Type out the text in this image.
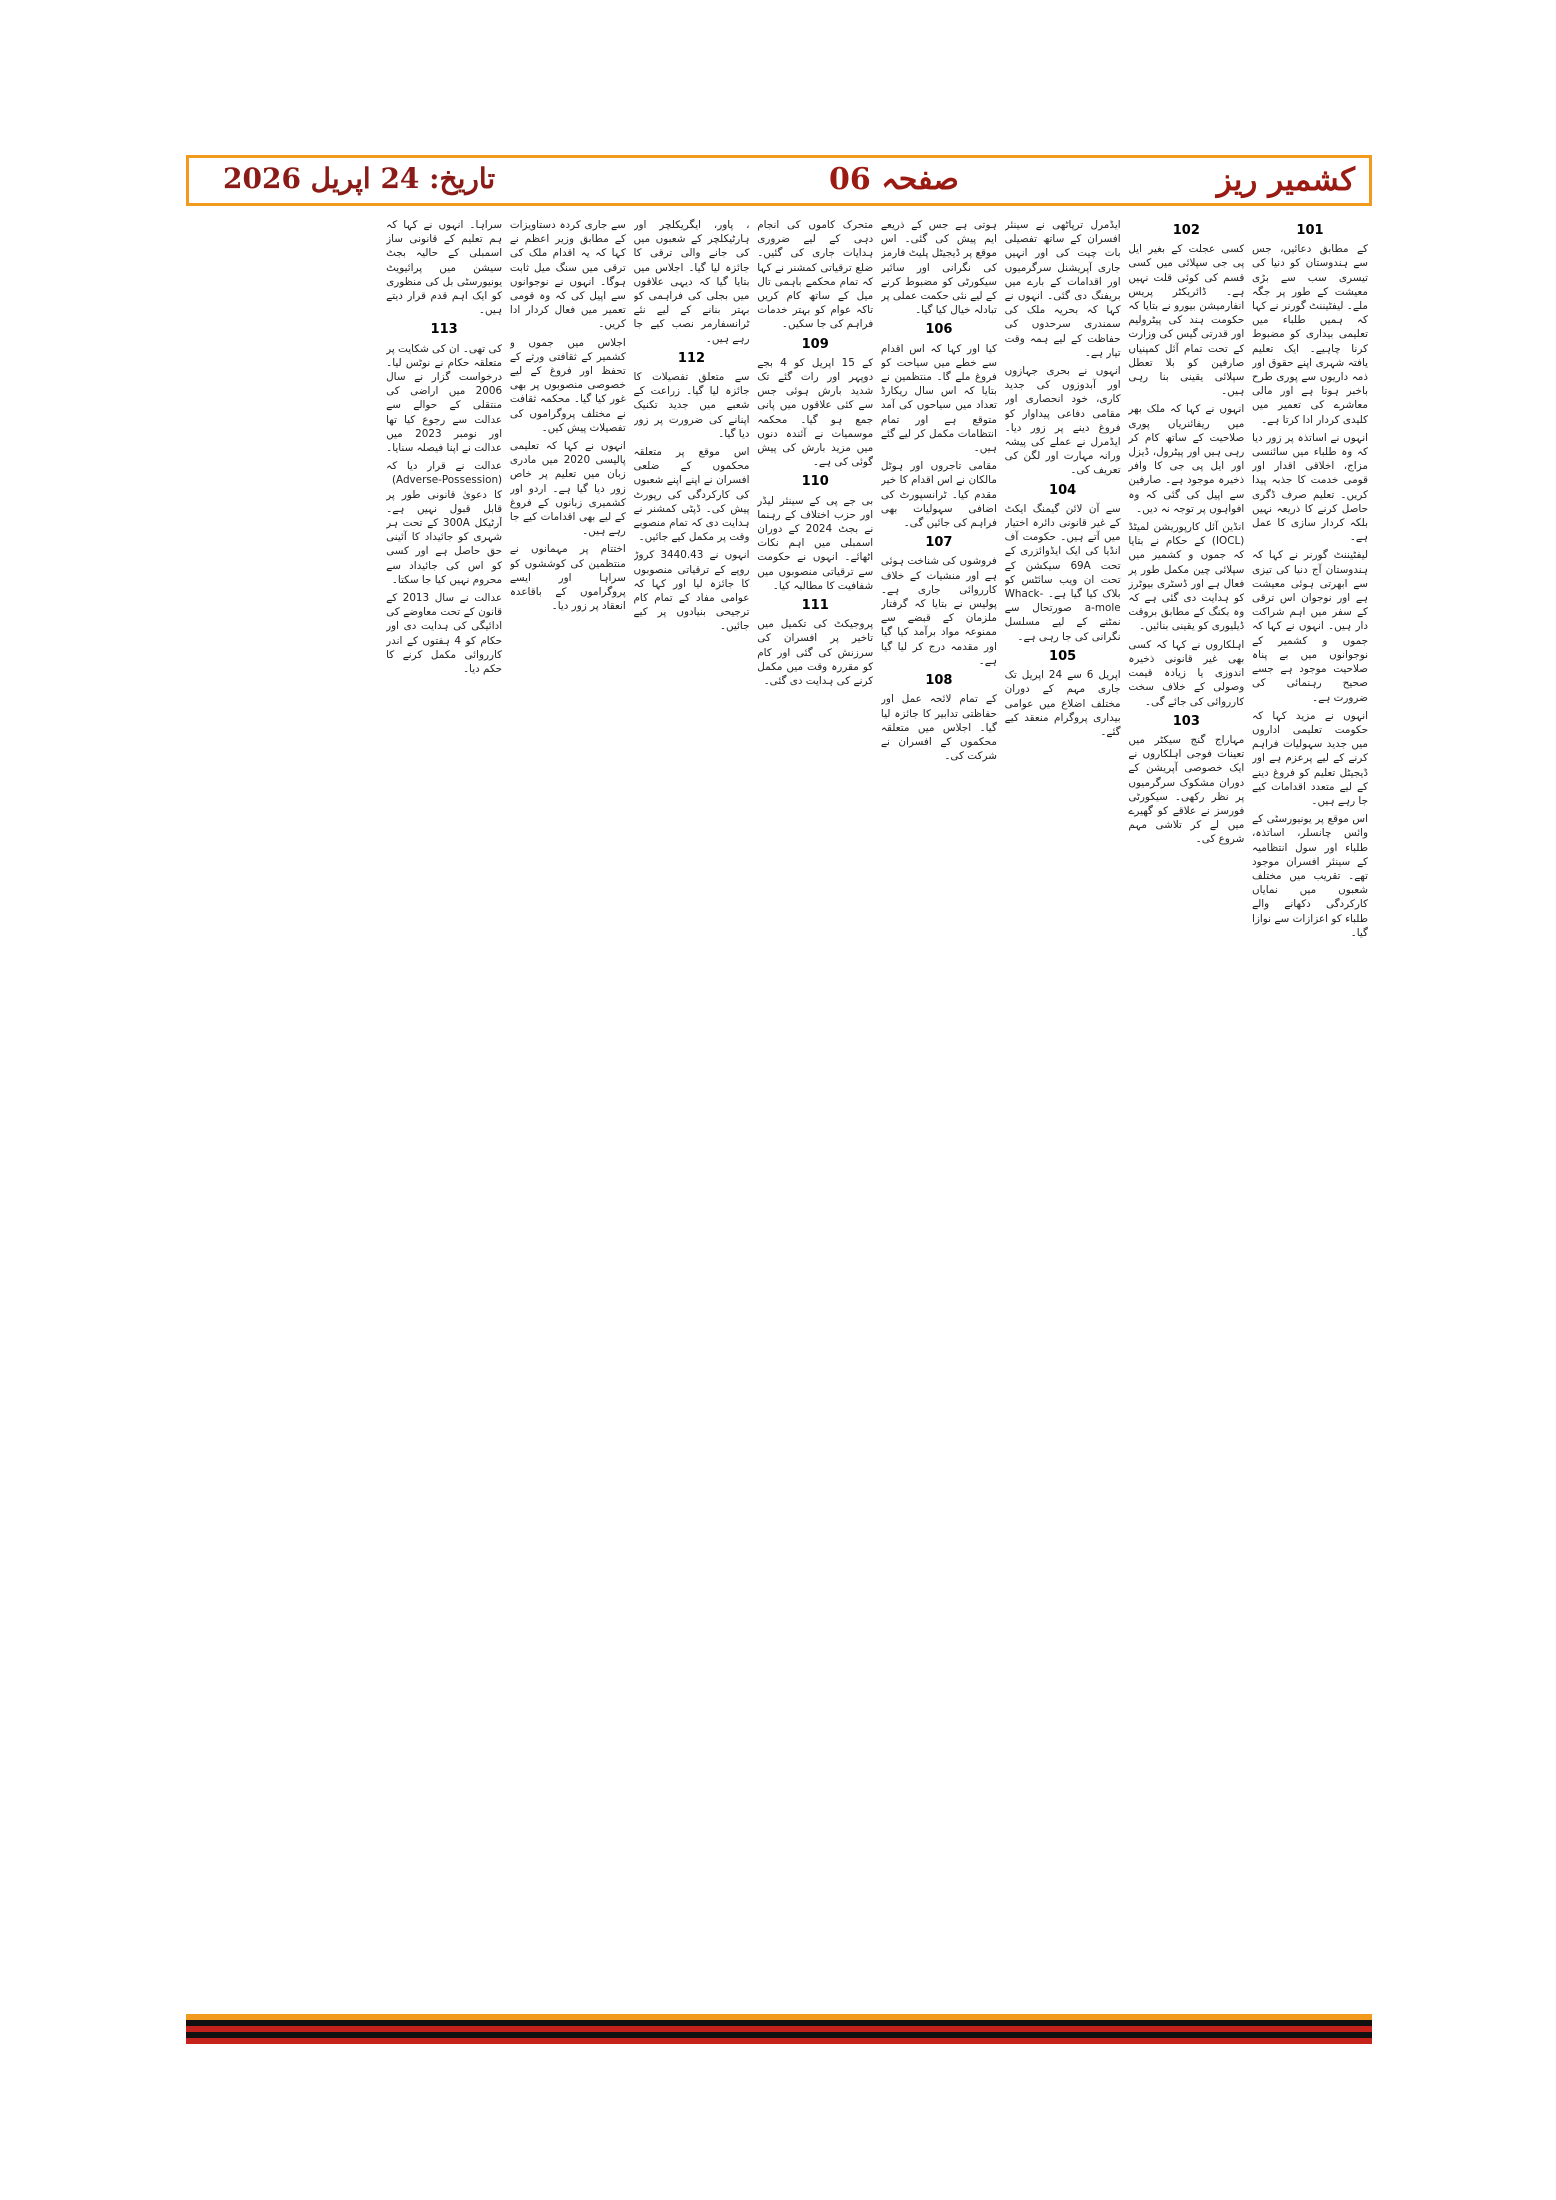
کشمیر ریز
صفحہ 06
تاریخ: 24 اپریل 2026
101

کے مطابق دعائیں، جس سے ہندوستان کو دنیا کی تیسری سب سے بڑی معیشت کے طور پر جگہ ملے۔ لیفٹیننٹ گورنر نے کہا کہ ہمیں طلباء میں تعلیمی بیداری کو مضبوط کرنا چاہیے۔ ایک تعلیم یافتہ شہری اپنے حقوق اور ذمہ داریوں سے پوری طرح باخبر ہوتا ہے اور مالی معاشرے کی تعمیر میں کلیدی کردار ادا کرتا ہے۔

انہوں نے اساتذہ پر زور دیا کہ وہ طلباء میں سائنسی مزاج، اخلاقی اقدار اور قومی خدمت کا جذبہ پیدا کریں۔ تعلیم صرف ڈگری حاصل کرنے کا ذریعہ نہیں بلکہ کردار سازی کا عمل ہے۔

لیفٹیننٹ گورنر نے کہا کہ ہندوستان آج دنیا کی تیزی سے ابھرتی ہوئی معیشت ہے اور نوجوان اس ترقی کے سفر میں اہم شراکت دار ہیں۔ انہوں نے کہا کہ جموں و کشمیر کے نوجوانوں میں بے پناہ صلاحیت موجود ہے جسے صحیح رہنمائی کی ضرورت ہے۔

انہوں نے مزید کہا کہ حکومت تعلیمی اداروں میں جدید سہولیات فراہم کرنے کے لیے پرعزم ہے اور ڈیجیٹل تعلیم کو فروغ دینے کے لیے متعدد اقدامات کیے جا رہے ہیں۔

اس موقع پر یونیورسٹی کے وائس چانسلر، اساتذہ، طلباء اور سول انتظامیہ کے سینئر افسران موجود تھے۔ تقریب میں مختلف شعبوں میں نمایاں کارکردگی دکھانے والے طلباء کو اعزازات سے نوازا گیا۔

102

کسی عجلت کے بغیر ایل پی جی سپلائی میں کسی قسم کی کوئی قلت نہیں ہے۔ ڈائریکٹر پریس انفارمیشن بیورو نے بتایا کہ حکومت ہند کی پیٹرولیم اور قدرتی گیس کی وزارت کے تحت تمام آئل کمپنیاں صارفین کو بلا تعطل سپلائی یقینی بنا رہی ہیں۔

انہوں نے کہا کہ ملک بھر میں ریفائنریاں پوری صلاحیت کے ساتھ کام کر رہی ہیں اور پیٹرول، ڈیزل اور ایل پی جی کا وافر ذخیرہ موجود ہے۔ صارفین سے اپیل کی گئی کہ وہ افواہوں پر توجہ نہ دیں۔

انڈین آئل کارپوریشن لمیٹڈ (IOCL) کے حکام نے بتایا کہ جموں و کشمیر میں سپلائی چین مکمل طور پر فعال ہے اور ڈسٹری بیوٹرز کو ہدایت دی گئی ہے کہ وہ بکنگ کے مطابق بروقت ڈیلیوری کو یقینی بنائیں۔

اہلکاروں نے کہا کہ کسی بھی غیر قانونی ذخیرہ اندوزی یا زیادہ قیمت وصولی کے خلاف سخت کارروائی کی جائے گی۔

103

مہاراج گنج سیکٹر میں تعینات فوجی اہلکاروں نے ایک خصوصی آپریشن کے دوران مشکوک سرگرمیوں پر نظر رکھی۔ سیکورٹی فورسز نے علاقے کو گھیرے میں لے کر تلاشی مہم شروع کی۔

ایڈمرل ترپاٹھی نے سینئر افسران کے ساتھ تفصیلی بات چیت کی اور انہیں جاری آپریشنل سرگرمیوں اور اقدامات کے بارے میں بریفنگ دی گئی۔ انہوں نے کہا کہ بحریہ ملک کی سمندری سرحدوں کی حفاظت کے لیے ہمہ وقت تیار ہے۔

انہوں نے بحری جہازوں اور آبدوزوں کی جدید کاری، خود انحصاری اور مقامی دفاعی پیداوار کو فروغ دینے پر زور دیا۔ ایڈمرل نے عملے کی پیشہ ورانہ مہارت اور لگن کی تعریف کی۔

104

سے آن لائن گیمنگ ایکٹ کے غیر قانونی دائرہ اختیار میں آتے ہیں۔ حکومت آف انڈیا کی ایک ایڈوائزری کے تحت 69A سیکشن کے تحت ان ویب سائٹس کو بلاک کیا گیا ہے۔ Whack-a-mole صورتحال سے نمٹنے کے لیے مسلسل نگرانی کی جا رہی ہے۔

105

اپریل 6 سے 24 اپریل تک جاری مہم کے دوران مختلف اضلاع میں عوامی بیداری پروگرام منعقد کیے گئے۔

ہوتی ہے جس کے ذریعے ایم پیش کی گئی۔ اس موقع پر ڈیجیٹل پلیٹ فارمز کی نگرانی اور سائبر سیکورٹی کو مضبوط کرنے کے لیے نئی حکمت عملی پر تبادلہ خیال کیا گیا۔

106

کیا اور کہا کہ اس اقدام سے خطے میں سیاحت کو فروغ ملے گا۔ منتظمین نے بتایا کہ اس سال ریکارڈ تعداد میں سیاحوں کی آمد متوقع ہے اور تمام انتظامات مکمل کر لیے گئے ہیں۔

مقامی تاجروں اور ہوٹل مالکان نے اس اقدام کا خیر مقدم کیا۔ ٹرانسپورٹ کی اضافی سہولیات بھی فراہم کی جائیں گی۔

107

فروشوں کی شناخت ہوئی ہے اور منشیات کے خلاف کارروائی جاری ہے۔ پولیس نے بتایا کہ گرفتار ملزمان کے قبضے سے ممنوعہ مواد برآمد کیا گیا اور مقدمہ درج کر لیا گیا ہے۔

108

کے تمام لائحہ عمل اور حفاظتی تدابیر کا جائزہ لیا گیا۔ اجلاس میں متعلقہ محکموں کے افسران نے شرکت کی۔

متحرک کاموں کی انجام دہی کے لیے ضروری ہدایات جاری کی گئیں۔ ضلع ترقیاتی کمشنر نے کہا کہ تمام محکمے باہمی تال میل کے ساتھ کام کریں تاکہ عوام کو بہتر خدمات فراہم کی جا سکیں۔

109

کے 15 اپریل کو 4 بجے دوپہر اور رات گئے تک شدید بارش ہوئی جس سے کئی علاقوں میں پانی جمع ہو گیا۔ محکمہ موسمیات نے آئندہ دنوں میں مزید بارش کی پیش گوئی کی ہے۔

110

بی جے پی کے سینئر لیڈر اور حزب اختلاف کے رہنما نے بجٹ 2024 کے دوران اسمبلی میں اہم نکات اٹھائے۔ انہوں نے حکومت سے ترقیاتی منصوبوں میں شفافیت کا مطالبہ کیا۔

111

پروجیکٹ کی تکمیل میں تاخیر پر افسران کی سرزنش کی گئی اور کام کو مقررہ وقت میں مکمل کرنے کی ہدایت دی گئی۔

، پاور، ایگریکلچر اور ہارٹیکلچر کے شعبوں میں کی جانے والی ترقی کا جائزہ لیا گیا۔ اجلاس میں بتایا گیا کہ دیہی علاقوں میں بجلی کی فراہمی کو بہتر بنانے کے لیے نئے ٹرانسفارمر نصب کیے جا رہے ہیں۔

112

سے متعلق تفصیلات کا جائزہ لیا گیا۔ زراعت کے شعبے میں جدید تکنیک اپنانے کی ضرورت پر زور دیا گیا۔

اس موقع پر متعلقہ محکموں کے ضلعی افسران نے اپنے اپنے شعبوں کی کارکردگی کی رپورٹ پیش کی۔ ڈپٹی کمشنر نے ہدایت دی کہ تمام منصوبے وقت پر مکمل کیے جائیں۔

انہوں نے 3440.43 کروڑ روپے کے ترقیاتی منصوبوں کا جائزہ لیا اور کہا کہ عوامی مفاد کے تمام کام ترجیحی بنیادوں پر کیے جائیں۔

سے جاری کردہ دستاویزات کے مطابق وزیر اعظم نے کہا کہ یہ اقدام ملک کی ترقی میں سنگ میل ثابت ہوگا۔ انہوں نے نوجوانوں سے اپیل کی کہ وہ قومی تعمیر میں فعال کردار ادا کریں۔

اجلاس میں جموں و کشمیر کے ثقافتی ورثے کے تحفظ اور فروغ کے لیے خصوصی منصوبوں پر بھی غور کیا گیا۔ محکمہ ثقافت نے مختلف پروگراموں کی تفصیلات پیش کیں۔

انہوں نے کہا کہ تعلیمی پالیسی 2020 میں مادری زبان میں تعلیم پر خاص زور دیا گیا ہے۔ اردو اور کشمیری زبانوں کے فروغ کے لیے بھی اقدامات کیے جا رہے ہیں۔

اختتام پر مہمانوں نے منتظمین کی کوششوں کو سراہا اور ایسے پروگراموں کے باقاعدہ انعقاد پر زور دیا۔

سراہا۔ انہوں نے کہا کہ ہم تعلیم کے قانونی ساز اسمبلی کے حالیہ بجٹ سیشن میں پرائیویٹ یونیورسٹی بل کی منظوری کو ایک اہم قدم قرار دیتے ہیں۔

113

کی تھی۔ ان کی شکایت پر متعلقہ حکام نے نوٹس لیا۔ درخواست گزار نے سال 2006 میں اراضی کی منتقلی کے حوالے سے عدالت سے رجوع کیا تھا اور نومبر 2023 میں عدالت نے اپنا فیصلہ سنایا۔

عدالت نے قرار دیا کہ (Adverse-Possession) کا دعویٰ قانونی طور پر قابل قبول نہیں ہے۔ آرٹیکل 300A کے تحت ہر شہری کو جائیداد کا آئینی حق حاصل ہے اور کسی کو اس کی جائیداد سے محروم نہیں کیا جا سکتا۔

عدالت نے سال 2013 کے قانون کے تحت معاوضے کی ادائیگی کی ہدایت دی اور حکام کو 4 ہفتوں کے اندر کارروائی مکمل کرنے کا حکم دیا۔
